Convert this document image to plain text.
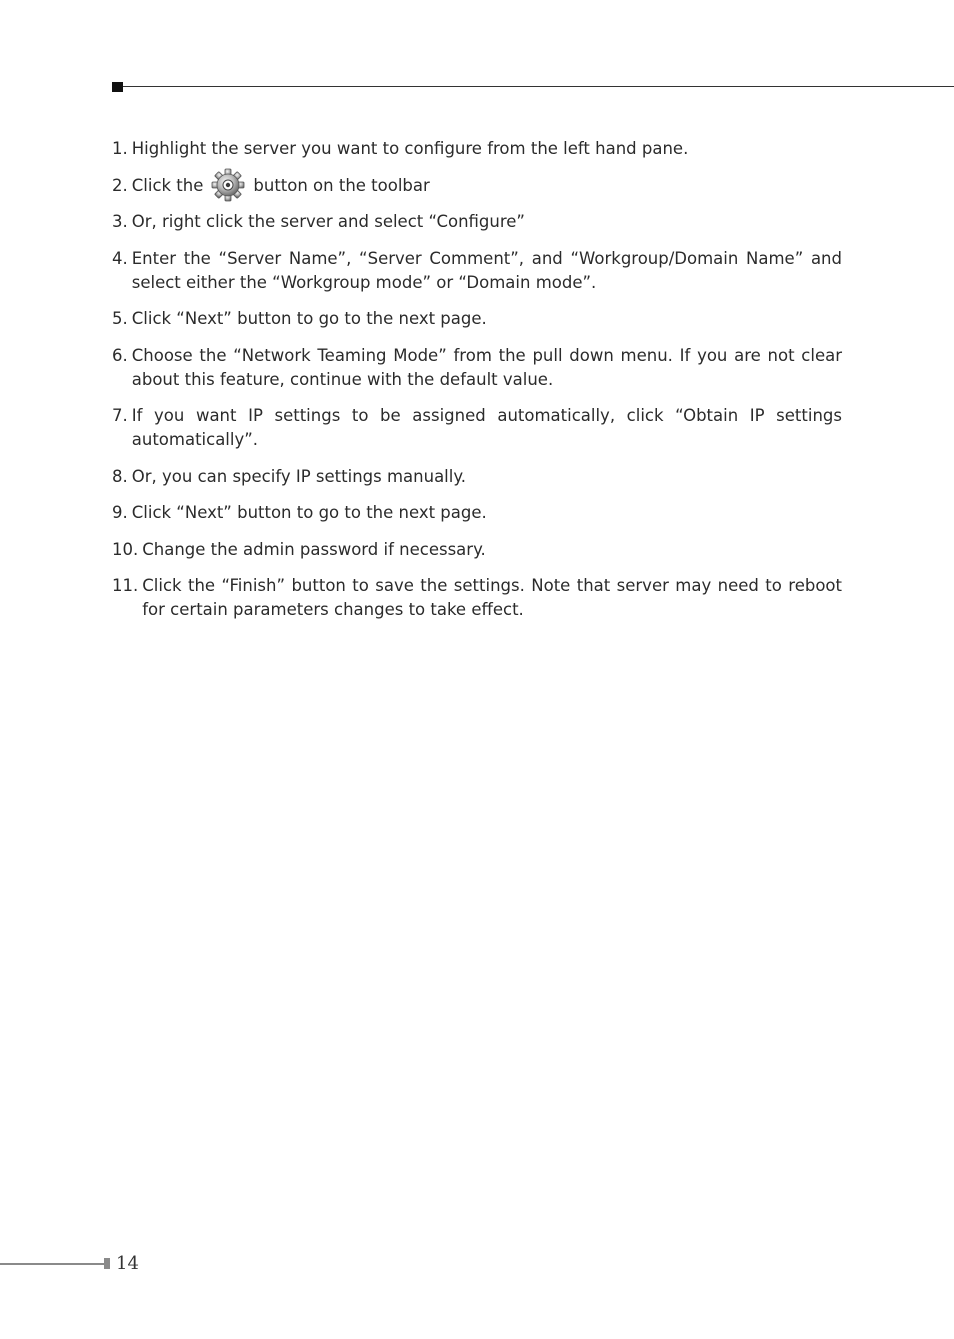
1. Highlight the server you want to configure from the left hand pane.
2. Click the	button on the toolbar
3. Or, right click the server and select “Configure”
4. Enter the “Server Name”, “Server Comment”, and “Workgroup/Domain Name” and select either the “Workgroup mode” or “Domain mode”.
5. Click “Next” button to go to the next page.
6. Choose the “Network Teaming Mode” from the pull down menu. If you are not clear about this feature, continue with the default value.
7. If you want IP settings to be assigned automatically, click “Obtain IP settings automatically”.
8. Or, you can specify IP settings manually.
9. Click “Next” button to go to the next page.
10. Change the admin password if necessary.
11. Click the “Finish” button to save the settings. Note that server may need to reboot for certain parameters changes to take effect.
14
